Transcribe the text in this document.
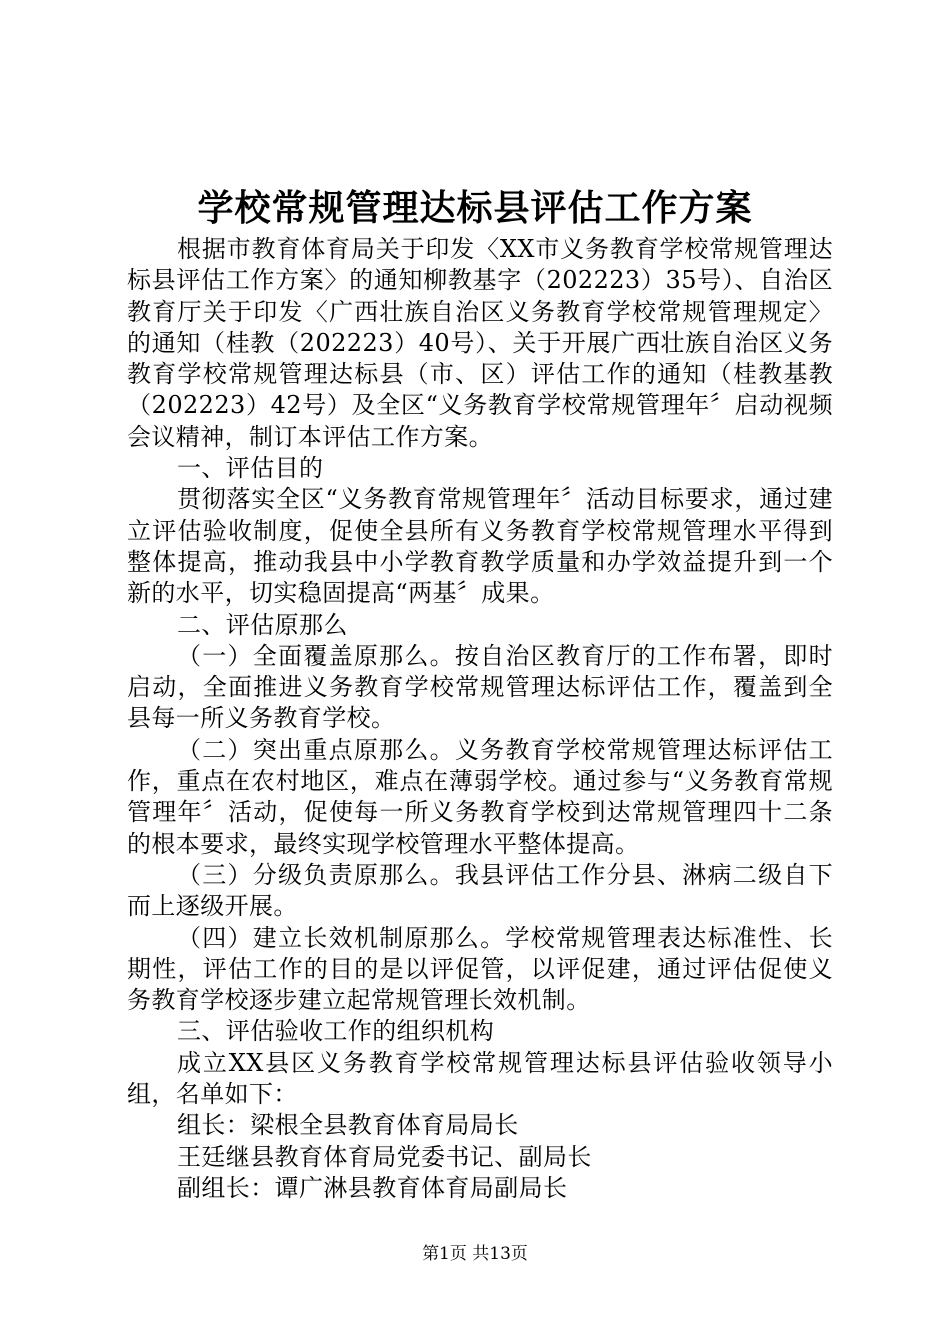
学校常规管理达标县评估工作方案

根据市教育体育局关于印发〈XX市义务教育学校常规管理达标县评估工作方案〉的通知柳教基字（202223）35号）、自治区教育厅关于印发〈广西壮族自治区义务教育学校常规管理规定〉的通知（桂教（202223）40号）、关于开展广西壮族自治区义务教育学校常规管理达标县（市、区）评估工作的通知（桂教基教（202223）42号）及全区“义务教育学校常规管理年〞启动视频会议精神，制订本评估工作方案。

一、评估目的

贯彻落实全区“义务教育常规管理年〞活动目标要求，通过建立评估验收制度，促使全县所有义务教育学校常规管理水平得到整体提高，推动我县中小学教育教学质量和办学效益提升到一个新的水平，切实稳固提高“两基〞成果。

二、评估原那么

（一）全面覆盖原那么。按自治区教育厅的工作布署，即时启动，全面推进义务教育学校常规管理达标评估工作，覆盖到全县每一所义务教育学校。

（二）突出重点原那么。义务教育学校常规管理达标评估工作，重点在农村地区，难点在薄弱学校。通过参与“义务教育常规管理年〞活动，促使每一所义务教育学校到达常规管理四十二条的根本要求，最终实现学校管理水平整体提高。

（三）分级负责原那么。我县评估工作分县、淋病二级自下而上逐级开展。

（四）建立长效机制原那么。学校常规管理表达标准性、长期性，评估工作的目的是以评促管，以评促建，通过评估促使义务教育学校逐步建立起常规管理长效机制。

三、评估验收工作的组织机构

成立XX县区义务教育学校常规管理达标县评估验收领导小组，名单如下：

组长：梁根全县教育体育局局长

王廷继县教育体育局党委书记、副局长

副组长：谭广淋县教育体育局副局长

第1页 共13页
